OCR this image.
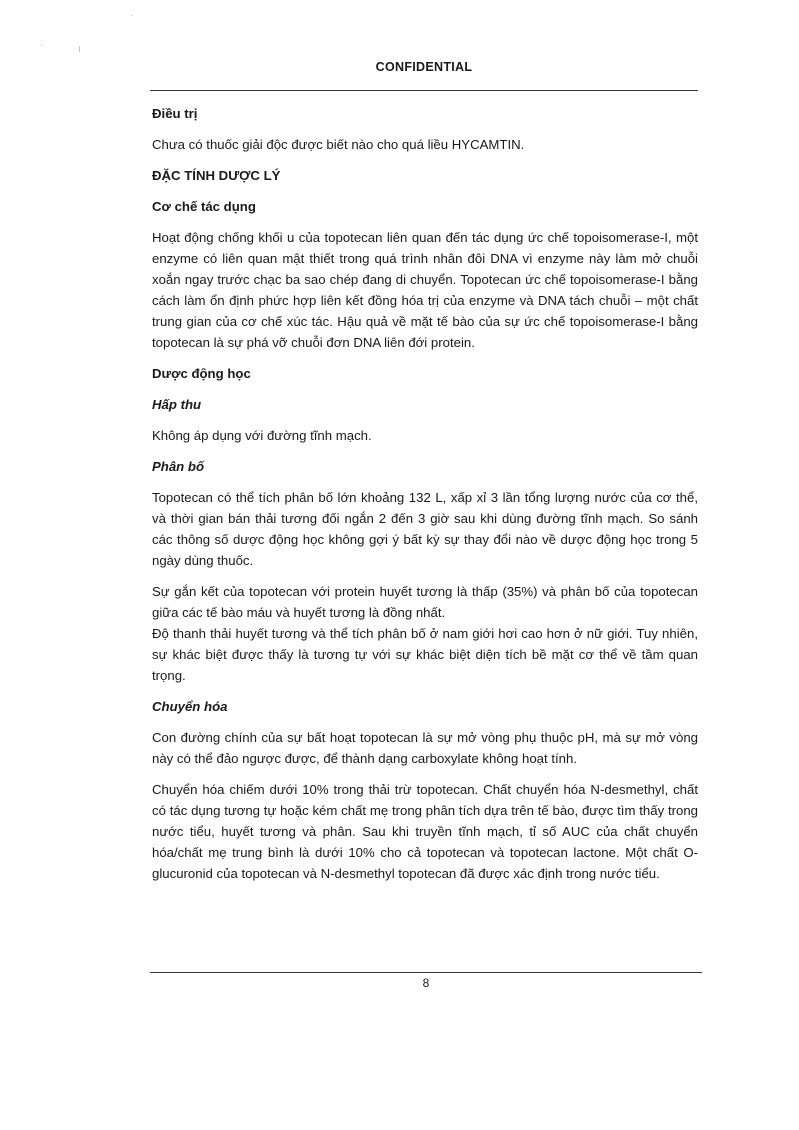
CONFIDENTIAL
·	ı
·
Điều trị

Chưa có thuốc giải độc được biết nào cho quá liều HYCAMTIN.

ĐẶC TÍNH DƯỢC LÝ
Cơ chế tác dụng

Hoạt động chống khối u của topotecan liên quan đến tác dụng ức chế topoisomerase-I, một enzyme có liên quan mật thiết trong quá trình nhân đôi DNA vì enzyme này làm mở chuỗi xoắn ngay trước chạc ba sao chép đang di chuyển. Topotecan ức chế topoisomerase-I bằng cách làm ổn định phức hợp liên kết đồng hóa trị của enzyme và DNA tách chuỗi – một chất trung gian của cơ chế xúc tác. Hậu quả về mặt tế bào của sự ức chế topoisomerase-I bằng topotecan là sự phá vỡ chuỗi đơn DNA liên đới protein.

Dược động học
Hấp thu

Không áp dụng với đường tĩnh mạch.

Phân bố

Topotecan có thể tích phân bố lớn khoảng 132 L, xấp xỉ 3 lần tổng lượng nước của cơ thể, và thời gian bán thải tương đối ngắn 2 đến 3 giờ sau khi dùng đường tĩnh mạch. So sánh các thông số dược động học không gợi ý bất kỳ sự thay đổi nào về dược động học trong 5 ngày dùng thuốc.

Sự gắn kết của topotecan với protein huyết tương là thấp (35%) và phân bố của topotecan giữa các tế bào máu và huyết tương là đồng nhất.

Độ thanh thải huyết tương và thể tích phân bố ở nam giới hơi cao hơn ở nữ giới. Tuy nhiên, sự khác biệt được thấy là tương tự với sự khác biệt diện tích bề mặt cơ thể về tầm quan trọng.

Chuyển hóa

Con đường chính của sự bất hoạt topotecan là sự mở vòng phụ thuộc pH, mà sự mở vòng này có thể đảo ngược được, để thành dạng carboxylate không hoạt tính.

Chuyển hóa chiếm dưới 10% trong thải trừ topotecan. Chất chuyển hóa N-desmethyl, chất có tác dụng tương tự hoặc kém chất mẹ trong phân tích dựa trên tế bào, được tìm thấy trong nước tiểu, huyết tương và phân. Sau khi truyền tĩnh mạch, tỉ số AUC của chất chuyển hóa/chất mẹ trung bình là dưới 10% cho cả topotecan và topotecan lactone. Một chất O-glucuronid của topotecan và N-desmethyl topotecan đã được xác định trong nước tiểu.

8
